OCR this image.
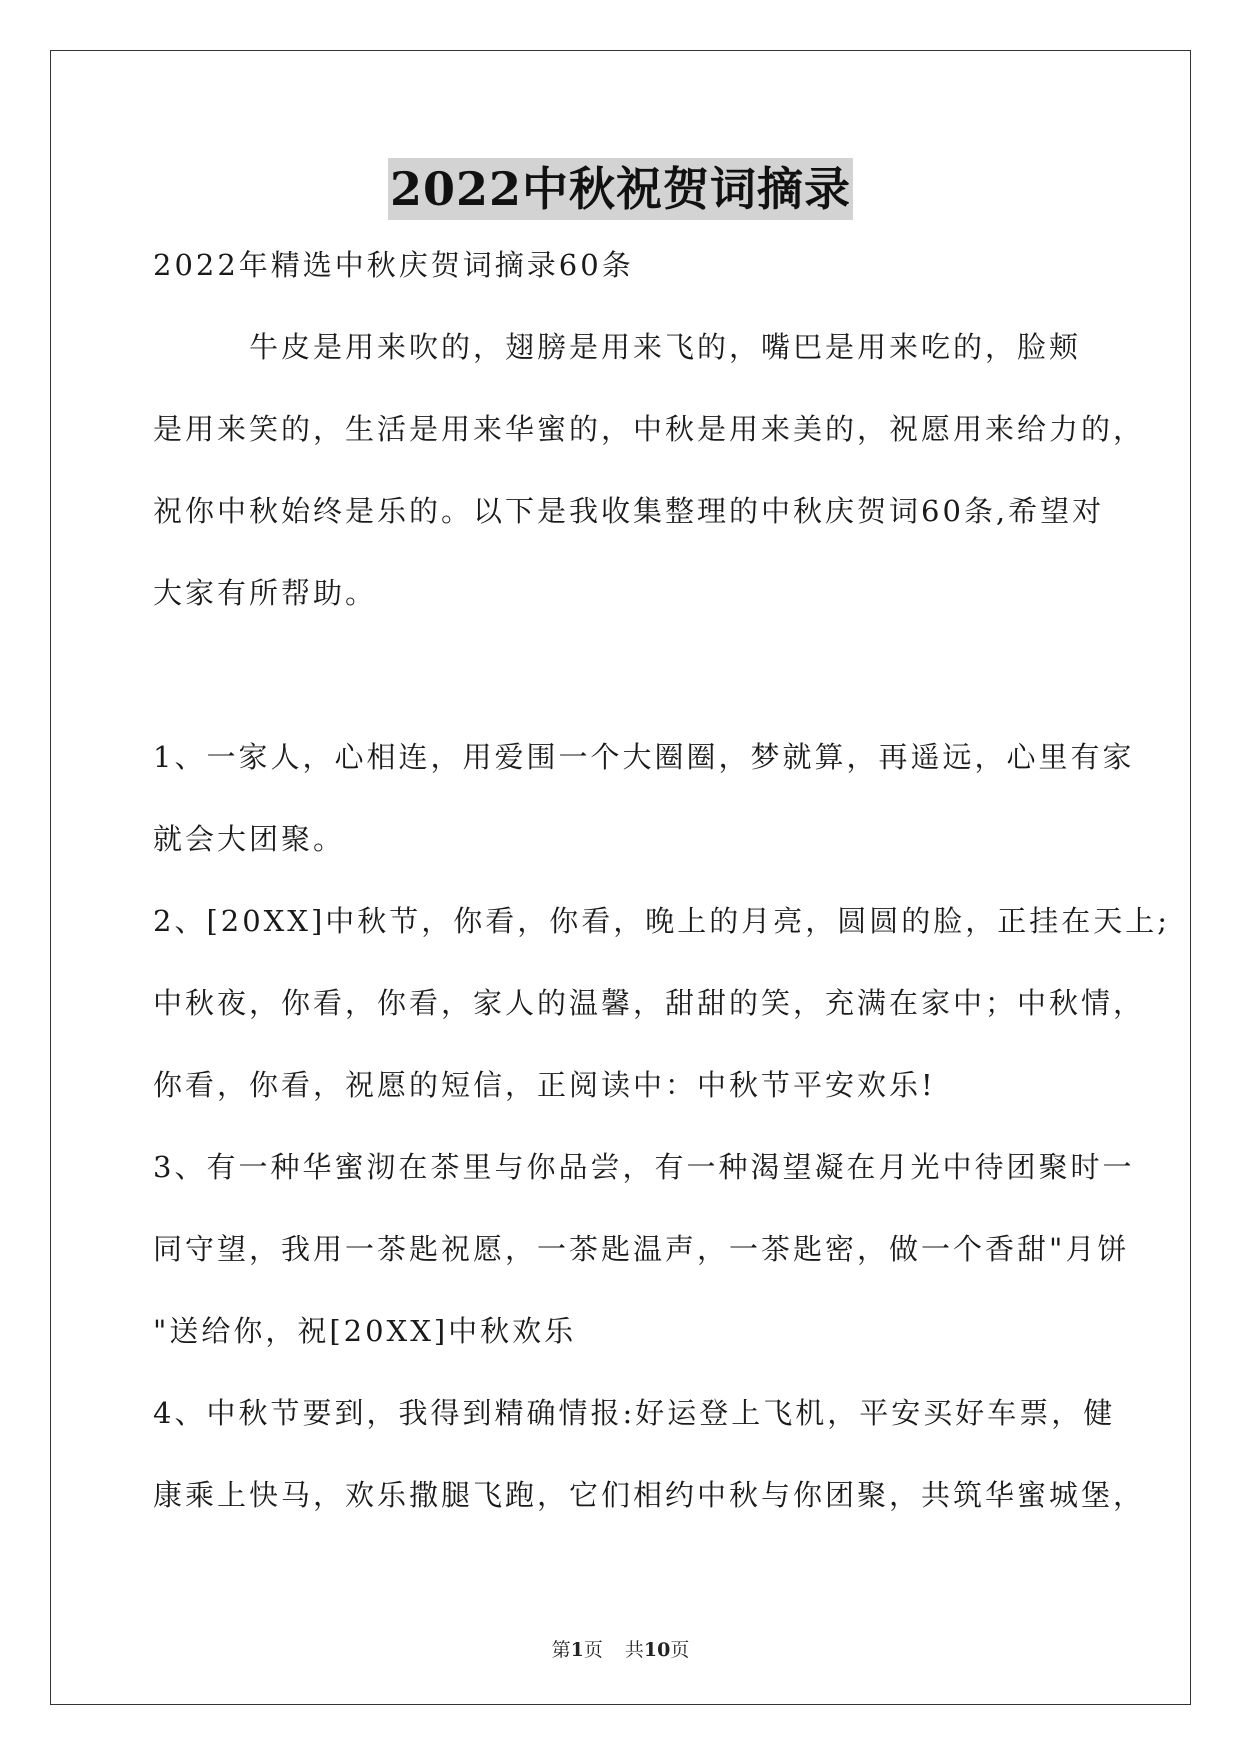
2022中秋祝贺词摘录
2022年精选中秋庆贺词摘录60条
　　　牛皮是用来吹的，翅膀是用来飞的，嘴巴是用来吃的，脸颊
是用来笑的，生活是用来华蜜的，中秋是用来美的，祝愿用来给力的，
祝你中秋始终是乐的。以下是我收集整理的中秋庆贺词60条,希望对
大家有所帮助。
1、一家人，心相连，用爱围一个大圈圈，梦就算，再遥远，心里有家
就会大团聚。
2、[20XX]中秋节，你看，你看，晚上的月亮，圆圆的脸，正挂在天上;
中秋夜，你看，你看，家人的温馨，甜甜的笑，充满在家中；中秋情，
你看，你看，祝愿的短信，正阅读中：中秋节平安欢乐!
3、有一种华蜜沏在茶里与你品尝，有一种渴望凝在月光中待团聚时一
同守望，我用一茶匙祝愿，一茶匙温声，一茶匙密，做一个香甜"月饼
"送给你，祝[20XX]中秋欢乐
4、中秋节要到，我得到精确情报:好运登上飞机，平安买好车票，健
康乘上快马，欢乐撒腿飞跑，它们相约中秋与你团聚，共筑华蜜城堡，
第1页 共10页
